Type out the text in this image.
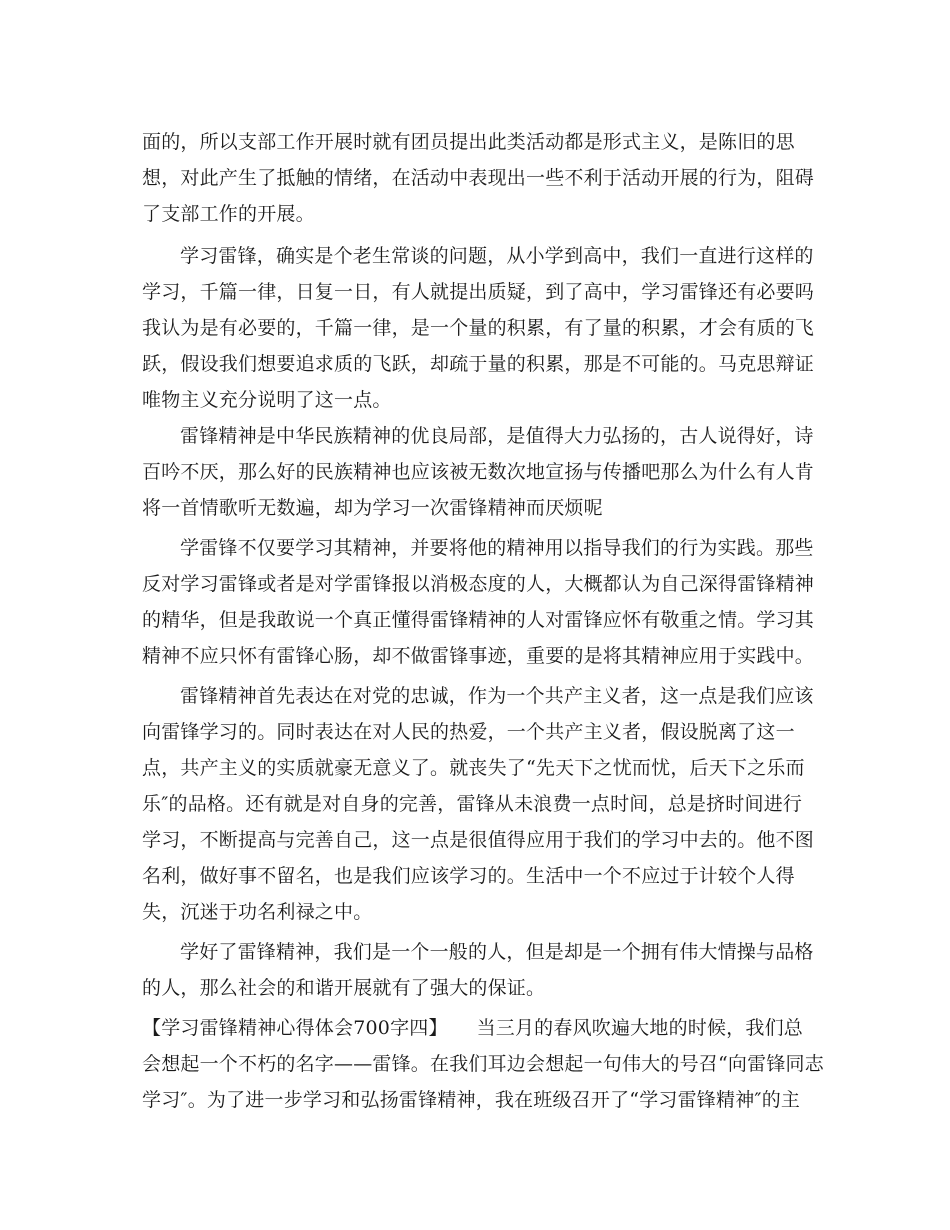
面的，所以支部工作开展时就有团员提出此类活动都是形式主义，是陈旧的思
想，对此产生了抵触的情绪，在活动中表现出一些不利于活动开展的行为，阻碍
了支部工作的开展。
学习雷锋，确实是个老生常谈的问题，从小学到高中，我们一直进行这样的
学习，千篇一律，日复一日，有人就提出质疑，到了高中，学习雷锋还有必要吗
我认为是有必要的，千篇一律，是一个量的积累，有了量的积累，才会有质的飞
跃，假设我们想要追求质的飞跃，却疏于量的积累，那是不可能的。马克思辩证
唯物主义充分说明了这一点。
雷锋精神是中华民族精神的优良局部，是值得大力弘扬的，古人说得好，诗
百吟不厌，那么好的民族精神也应该被无数次地宣扬与传播吧那么为什么有人肯
将一首情歌听无数遍，却为学习一次雷锋精神而厌烦呢
学雷锋不仅要学习其精神，并要将他的精神用以指导我们的行为实践。那些
反对学习雷锋或者是对学雷锋报以消极态度的人，大概都认为自己深得雷锋精神
的精华，但是我敢说一个真正懂得雷锋精神的人对雷锋应怀有敬重之情。学习其
精神不应只怀有雷锋心肠，却不做雷锋事迹，重要的是将其精神应用于实践中。
雷锋精神首先表达在对党的忠诚，作为一个共产主义者，这一点是我们应该
向雷锋学习的。同时表达在对人民的热爱，一个共产主义者，假设脱离了这一
点，共产主义的实质就豪无意义了。就丧失了“先天下之忧而忧，后天下之乐而
乐″的品格。还有就是对自身的完善，雷锋从未浪费一点时间，总是挤时间进行
学习，不断提高与完善自己，这一点是很值得应用于我们的学习中去的。他不图
名利，做好事不留名，也是我们应该学习的。生活中一个不应过于计较个人得
失，沉迷于功名利禄之中。
学好了雷锋精神，我们是一个一般的人，但是却是一个拥有伟大情操与品格
的人，那么社会的和谐开展就有了强大的保证。
【学习雷锋精神心得体会700字四】　　当三月的春风吹遍大地的时候，我们总
会想起一个不朽的名字——雷锋。在我们耳边会想起一句伟大的号召“向雷锋同志
学习″。为了进一步学习和弘扬雷锋精神，我在班级召开了“学习雷锋精神″的主
